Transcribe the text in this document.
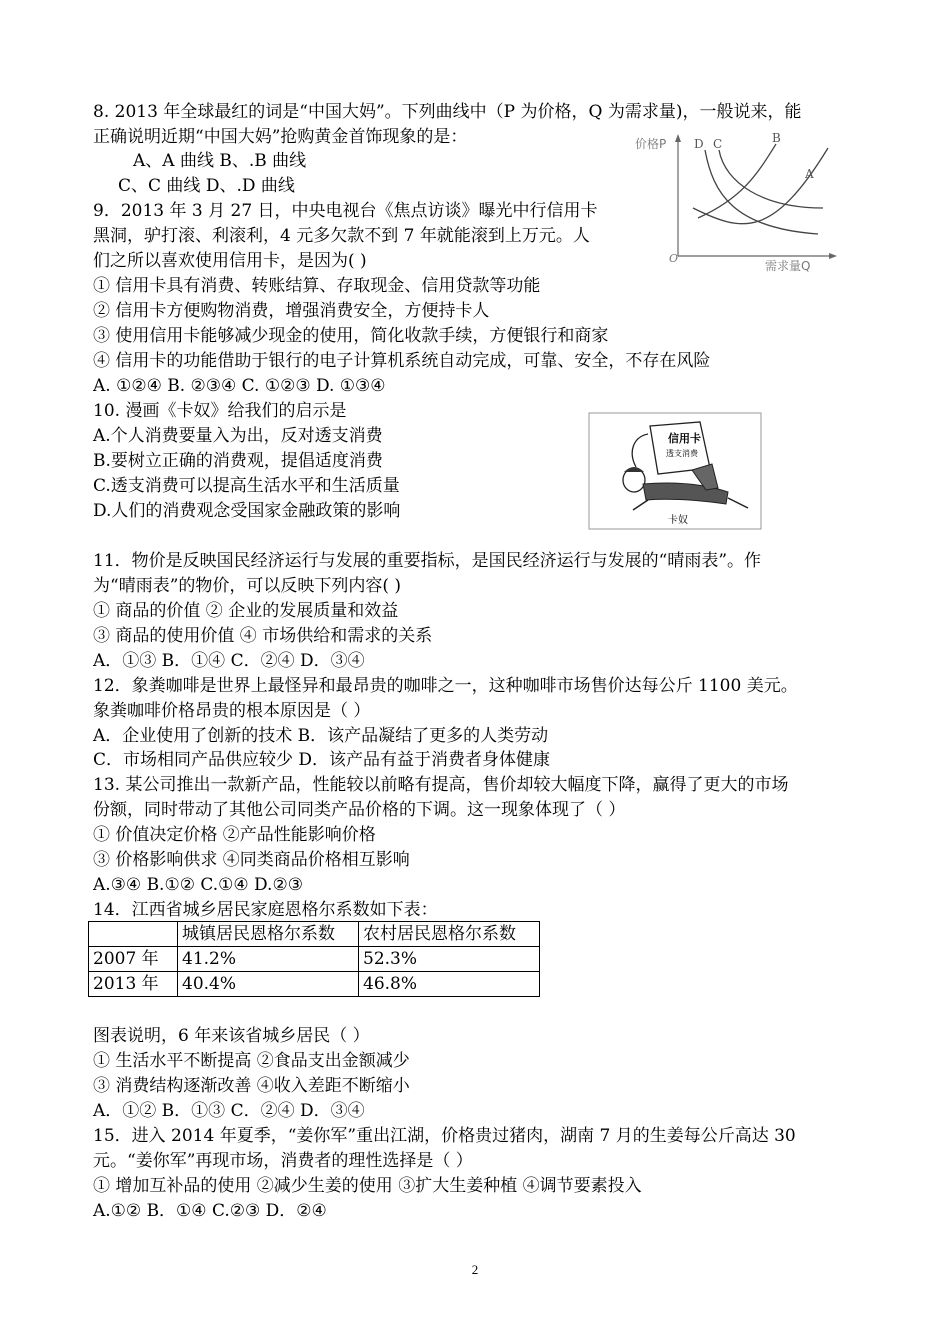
8. 2013 年全球最红的词是“中国大妈”。下列曲线中（P 为价格，Q 为需求量)，一般说来，能
正确说明近期“中国大妈”抢购黄金首饰现象的是：
A、A 曲线 B、.B 曲线
C、C 曲线 D、.D 曲线
价格P
需求量Q
O
D C	B
A
9．2013 年 3 月 27 日，中央电视台《焦点访谈》曝光中行信用卡
黑洞，驴打滚、利滚利，4 元多欠款不到 7 年就能滚到上万元。人
们之所以喜欢使用信用卡，是因为( )
① 信用卡具有消费、转账结算、存取现金、信用贷款等功能
② 信用卡方便购物消费，增强消费安全，方便持卡人
③ 使用信用卡能够减少现金的使用，简化收款手续，方便银行和商家
④ 信用卡的功能借助于银行的电子计算机系统自动完成，可靠、安全，不存在风险
A. ①②④ B. ②③④ C. ①②③ D. ①③④
10. 漫画《卡奴》给我们的启示是
A.个人消费要量入为出，反对透支消费
B.要树立正确的消费观，提倡适度消费
C.透支消费可以提高生活水平和生活质量
D.人们的消费观念受国家金融政策的影响
信用卡
透支消费
卡奴
11．物价是反映国民经济运行与发展的重要指标，是国民经济运行与发展的“晴雨表”。作
为“晴雨表”的物价，可以反映下列内容( )
① 商品的价值 ② 企业的发展质量和效益
③ 商品的使用价值 ④ 市场供给和需求的关系
A．①③ B．①④ C．②④ D．③④
12．象粪咖啡是世界上最怪异和最昂贵的咖啡之一，这种咖啡市场售价达每公斤 1100 美元。
象粪咖啡价格昂贵的根本原因是（ ）
A．企业使用了创新的技术 B．该产品凝结了更多的人类劳动
C．市场相同产品供应较少 D．该产品有益于消费者身体健康
13. 某公司推出一款新产品，性能较以前略有提高，售价却较大幅度下降，赢得了更大的市场
份额，同时带动了其他公司同类产品价格的下调。这一现象体现了（ ）
① 价值决定价格 ②产品性能影响价格
③ 价格影响供求 ④同类商品价格相互影响
A.③④ B.①② C.①④ D.②③
14．江西省城乡居民家庭恩格尔系数如下表：
	城镇居民恩格尔系数	农村居民恩格尔系数
2007 年	41.2%	52.3%
2013 年	40.4%	46.8%
图表说明，6 年来该省城乡居民（ ）
① 生活水平不断提高 ②食品支出金额减少
③ 消费结构逐渐改善 ④收入差距不断缩小
A．①② B．①③ C．②④ D．③④
15．进入 2014 年夏季，“姜你军”重出江湖，价格贵过猪肉，湖南 7 月的生姜每公斤高达 30
元。“姜你军”再现市场，消费者的理性选择是（ ）
① 增加互补品的使用 ②减少生姜的使用 ③扩大生姜种植 ④调节要素投入
A.①② B．①④ C.②③ D．②④
2
